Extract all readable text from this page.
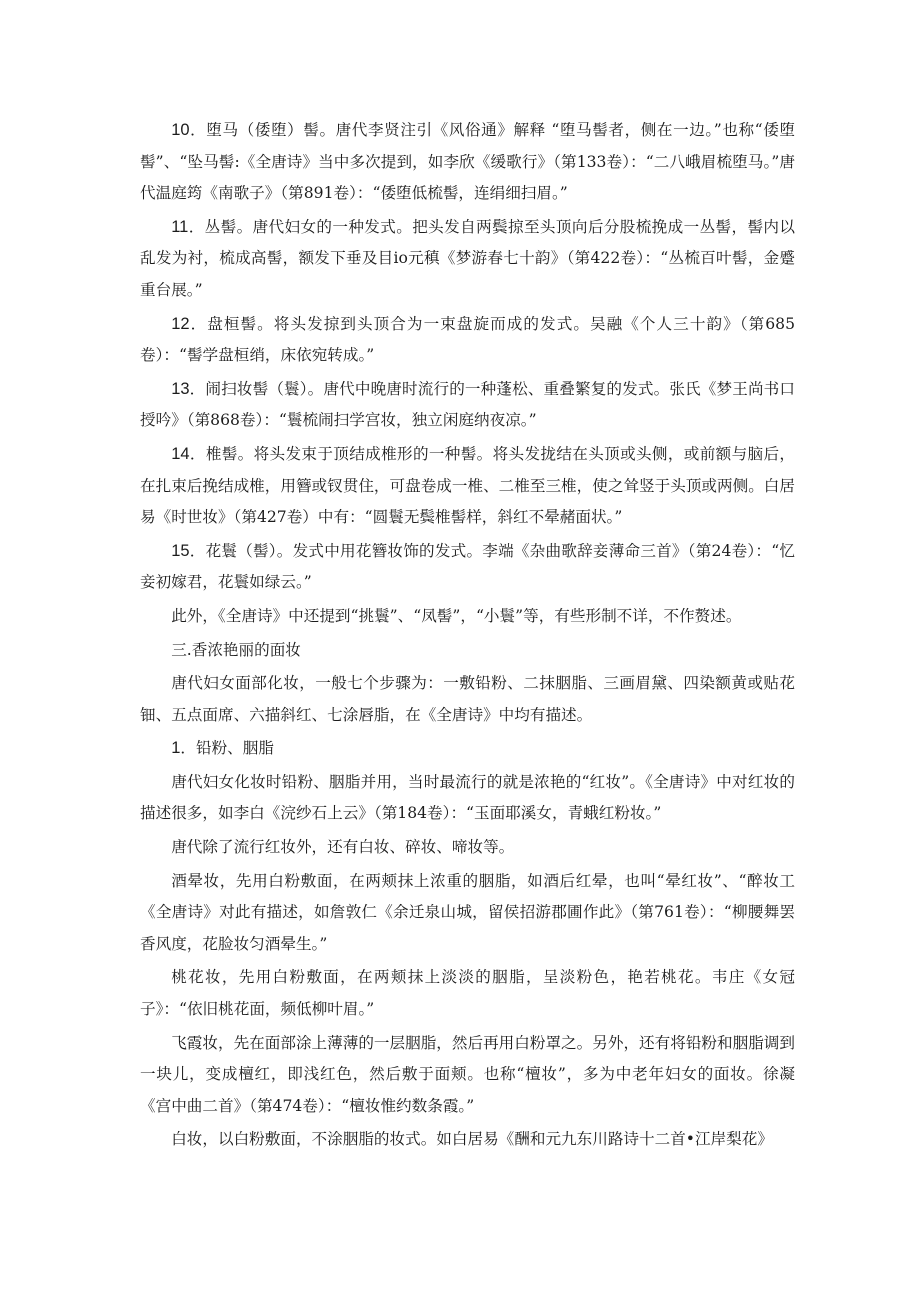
10．堕马（倭堕）髻。唐代李贤注引《风俗通》解释 “堕马髻者，侧在一边。”也称“倭堕髻”、“坠马髻:《全唐诗》当中多次提到，如李欣《缓歌行》（第133卷）：“二八峨眉梳堕马。”唐代温庭筠《南歌子》（第891卷）：“倭堕低梳髻，连绢细扫眉。”

11．丛髻。唐代妇女的一种发式。把头发自两鬓掠至头顶向后分股梳挽成一丛髻，髻内以乱发为衬，梳成高髻，额发下垂及目io元稹《梦游春七十韵》（第422卷）：“丛梳百叶髻，金蹙重台展。”

12．盘桓髻。将头发掠到头顶合为一束盘旋而成的发式。吴融《个人三十韵》（第685卷）：“髻学盘桓绡，床依宛转成。”

13．闹扫妆髻（鬟）。唐代中晚唐时流行的一种蓬松、重叠繁复的发式。张氏《梦王尚书口授吟》（第868卷）：“鬟梳闹扫学宫妆，独立闲庭纳夜凉。”

14．椎髻。将头发束于顶结成椎形的一种髻。将头发拢结在头顶或头侧，或前额与脑后，在扎束后挽结成椎，用簪或钗贯住，可盘卷成一椎、二椎至三椎，使之耸竖于头顶或两侧。白居易《时世妆》（第427卷）中有：“圆鬟无鬓椎髻样，斜红不晕赭面状。”

15．花鬟（髻）。发式中用花簪妆饰的发式。李端《杂曲歌辞妾薄命三首》（第24卷）：“忆妾初嫁君，花鬟如绿云。”

此外，《全唐诗》中还提到“挑鬟”、“凤髻”，“小鬟”等，有些形制不详，不作赘述。

三.香浓艳丽的面妆

唐代妇女面部化妆，一般七个步骤为：一敷铅粉、二抹胭脂、三画眉黛、四染额黄或贴花钿、五点面席、六描斜红、七涂唇脂，在《全唐诗》中均有描述。

1．铅粉、胭脂

唐代妇女化妆时铅粉、胭脂并用，当时最流行的就是浓艳的“红妆”。《全唐诗》中对红妆的描述很多，如李白《浣纱石上云》（第184卷）：“玉面耶溪女，青蛾红粉妆。”

唐代除了流行红妆外，还有白妆、碎妆、啼妆等。

酒晕妆，先用白粉敷面，在两颊抹上浓重的胭脂，如酒后红晕，也叫“晕红妆”、“醉妆工《全唐诗》对此有描述，如詹敦仁《余迁泉山城，留侯招游郡圃作此》（第761卷）：“柳腰舞罢香风度，花脸妆匀酒晕生。”

桃花妆，先用白粉敷面，在两颊抹上淡淡的胭脂，呈淡粉色，艳若桃花。韦庄《女冠子》：“依旧桃花面，频低柳叶眉。”

飞霞妆，先在面部涂上薄薄的一层胭脂，然后再用白粉罩之。另外，还有将铅粉和胭脂调到一块儿，变成檀红，即浅红色，然后敷于面颊。也称“檀妆”，多为中老年妇女的面妆。徐凝《宫中曲二首》（第474卷）：“檀妆惟约数条霞。”

白妆，以白粉敷面，不涂胭脂的妆式。如白居易《酬和元九东川路诗十二首•江岸梨花》
